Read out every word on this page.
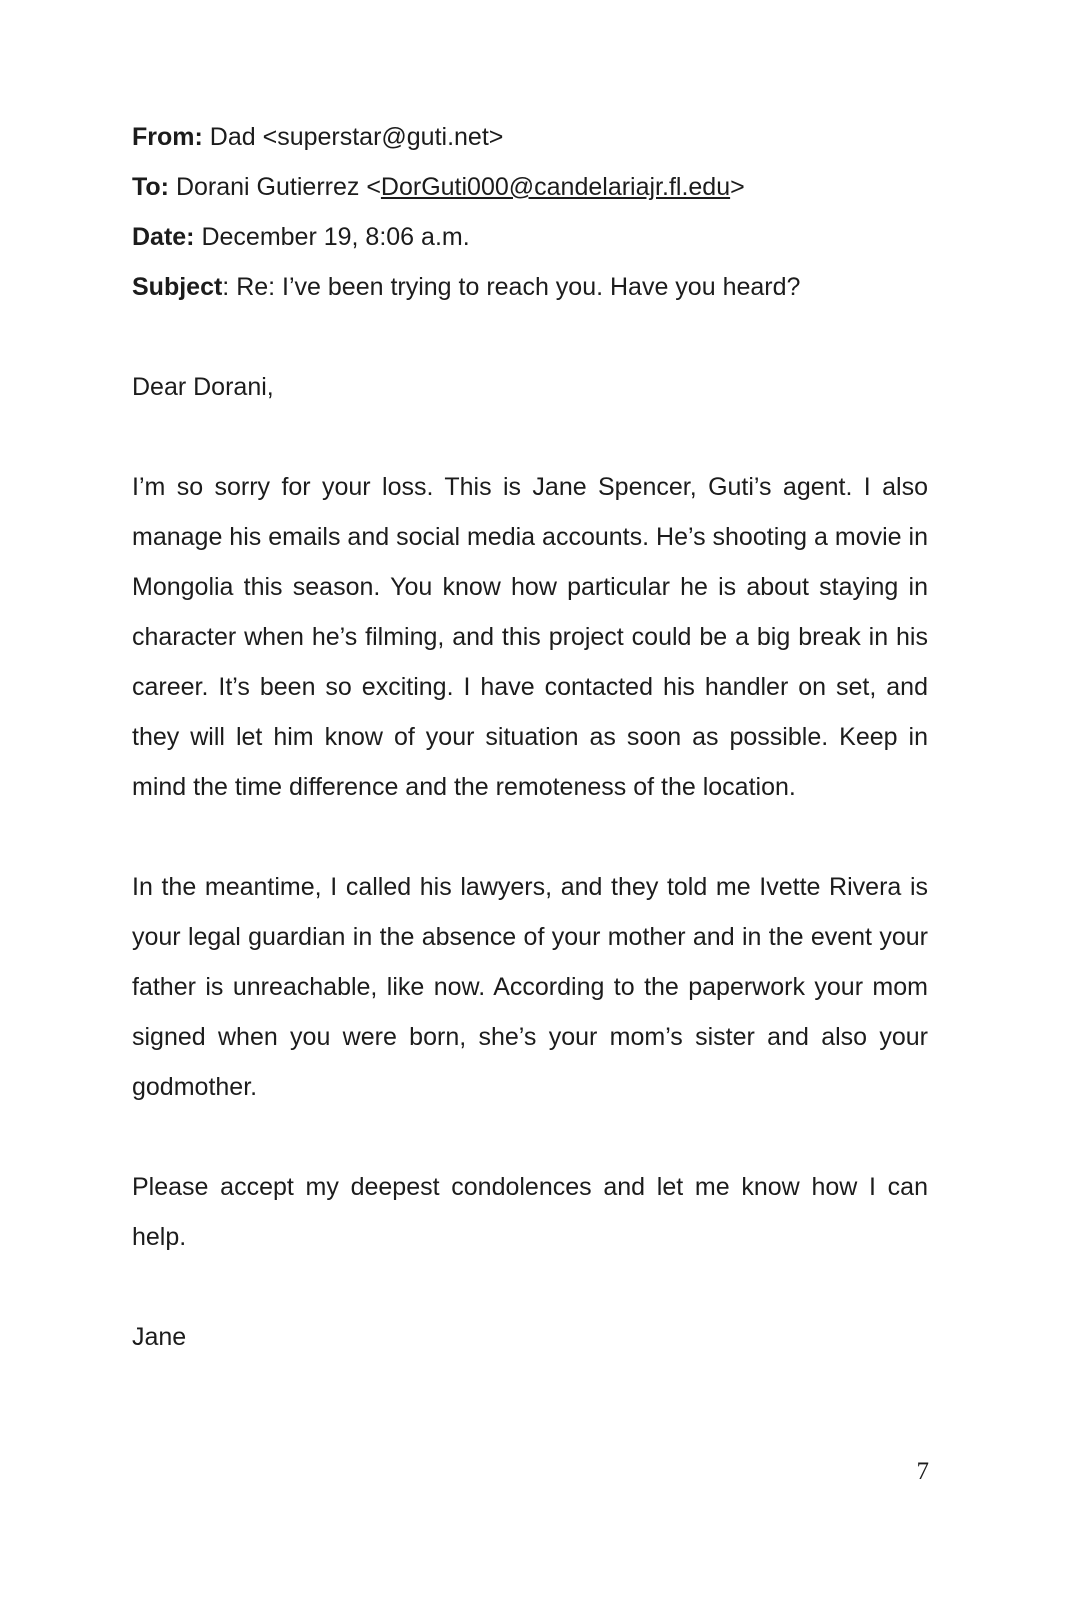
From: Dad <superstar@guti.net>

To: Dorani Gutierrez <DorGuti000@candelariajr.fl.edu>

Date: December 19, 8:06 a.m.

Subject: Re: I’ve been trying to reach you. Have you heard?

Dear Dorani,

I’m so sorry for your loss. This is Jane Spencer, Guti’s agent. I also manage his emails and social media accounts. He’s shooting a movie in Mongolia this season. You know how particular he is about staying in character when he’s filming, and this project could be a big break in his career. It’s been so exciting. I have contacted his handler on set, and they will let him know of your situation as soon as possible. Keep in mind the time difference and the remoteness of the location.

In the meantime, I called his lawyers, and they told me Ivette Rivera is your legal guardian in the absence of your mother and in the event your father is unreachable, like now. According to the paperwork your mom signed when you were born, she’s your mom’s sister and also your godmother.

Please accept my deepest condolences and let me know how I can help.

Jane

7
